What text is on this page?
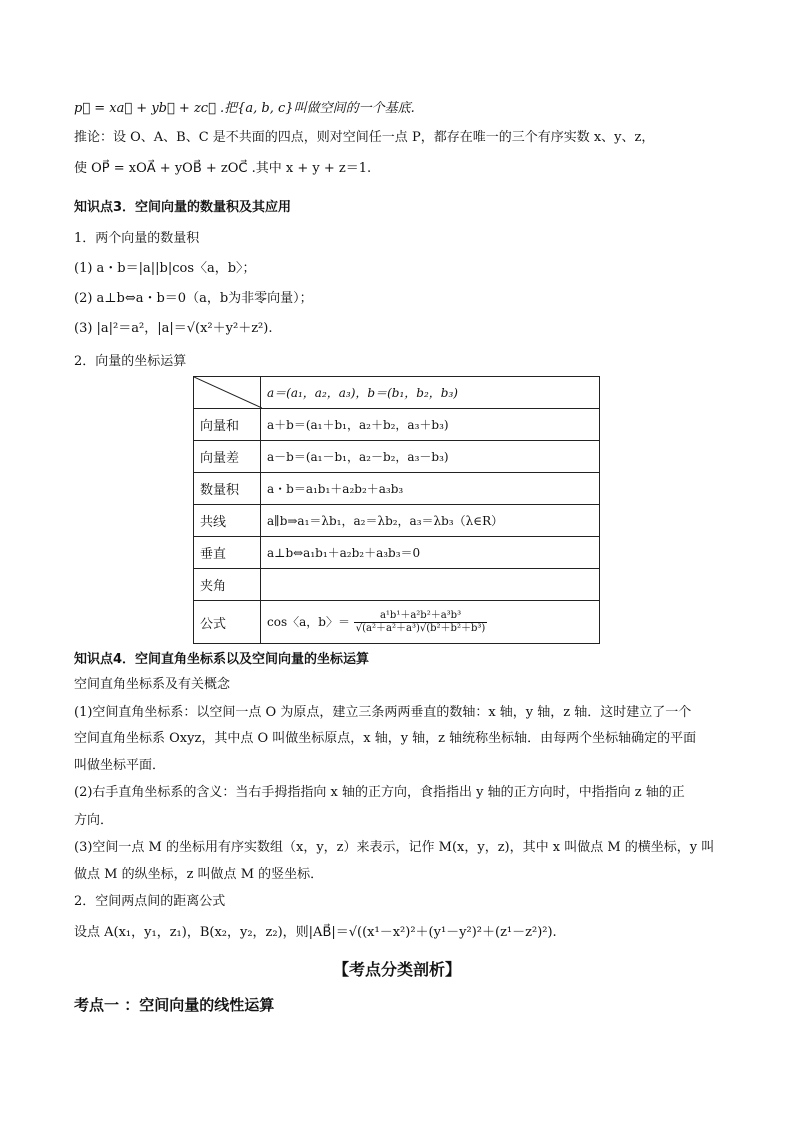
p⃗ = xa⃗ + yb⃗ + zc⃗ .把{a, b, c}叫做空间的一个基底.
推论：设 O、A、B、C 是不共面的四点，则对空间任一点 P，都存在唯一的三个有序实数 x、y、z，
使 OP⃗ = xOA⃗ + yOB⃗ + zOC⃗ .其中 x + y + z＝1.
知识点3．空间向量的数量积及其应用
1．两个向量的数量积
(1) a・b＝|a||b|cos〈a，b〉；
(2) a⊥b⇔a・b＝0（a，b为非零向量）；
(3) |a|²＝a²，|a|＝√(x²＋y²＋z²).
2．向量的坐标运算
	a＝(a₁，a₂，a₃)，b＝(b₁，b₂，b₃)
向量和	a＋b＝(a₁＋b₁，a₂＋b₂，a₃＋b₃)
向量差	a－b＝(a₁－b₁，a₂－b₂，a₃－b₃)
数量积	a・b＝a₁b₁＋a₂b₂＋a₃b₃
共线	a∥b⇒a₁＝λb₁，a₂＝λb₂，a₃＝λb₃（λ∈R）
垂直	a⊥b⇔a₁b₁＋a₂b₂＋a₃b₃＝0
夹角	
公式	cos〈a，b〉＝ $\frac{\text{a¹b¹＋a²b²＋a³b³}}{\text{√(a²＋a²＋a³)√(b²＋b²＋b³)}}$
知识点4．空间直角坐标系以及空间向量的坐标运算
空间直角坐标系及有关概念
(1)空间直角坐标系：以空间一点 O 为原点，建立三条两两垂直的数轴：x 轴，y 轴，z 轴．这时建立了一个
空间直角坐标系 Oxyz，其中点 O 叫做坐标原点，x 轴，y 轴，z 轴统称坐标轴．由每两个坐标轴确定的平面
叫做坐标平面．
(2)右手直角坐标系的含义：当右手拇指指向 x 轴的正方向，食指指出 y 轴的正方向时，中指指向 z 轴的正
方向．
(3)空间一点 M 的坐标用有序实数组（x，y，z）来表示，记作 M(x，y，z)，其中 x 叫做点 M 的横坐标，y 叫
做点 M 的纵坐标，z 叫做点 M 的竖坐标．
2．空间两点间的距离公式
设点 A(x₁，y₁，z₁)，B(x₂，y₂，z₂)，则|AB⃗|＝√((x¹－x²)²＋(y¹－y²)²＋(z¹－z²)²).
【考点分类剖析】
考点一 ：空间向量的线性运算
